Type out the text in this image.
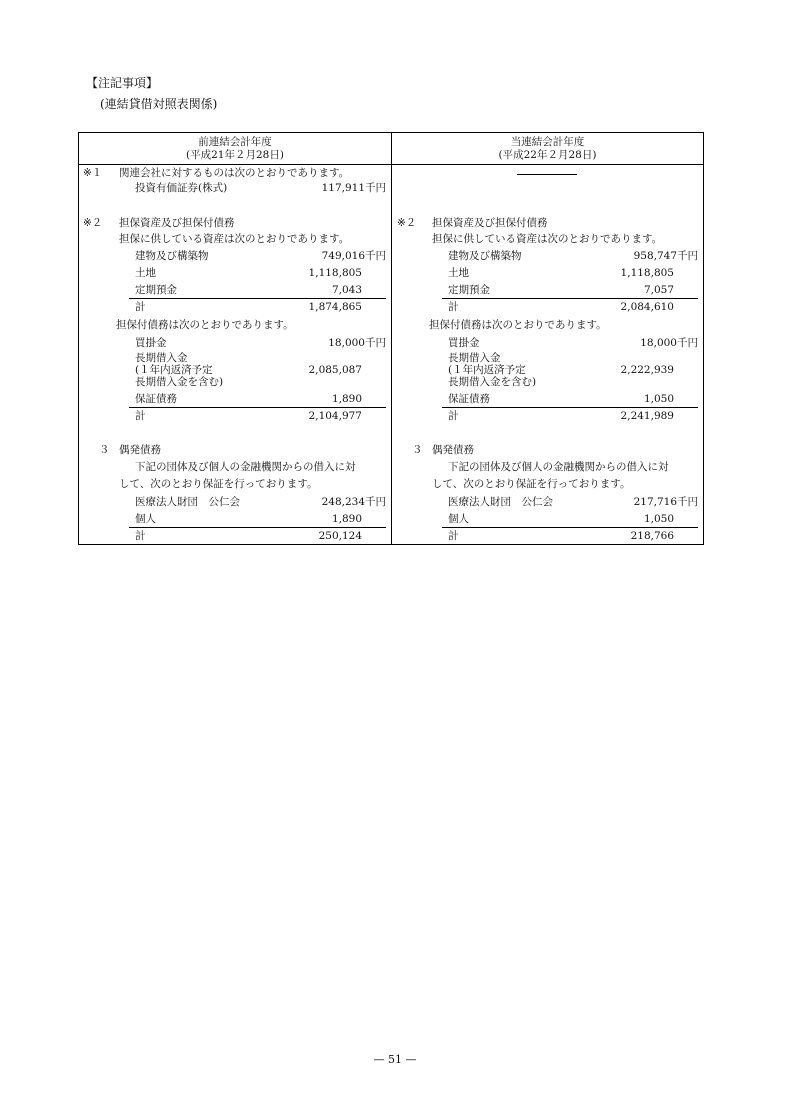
【注記事項】
(連結貸借対照表関係)
前連結会計年度
(平成21年２月28日)
※１ 関連会社に対するものは次のとおりであります。
投資有価証券(株式)	117,911千円
※２ 担保資産及び担保付債務
担保に供している資産は次のとおりであります。
建物及び構築物	749,016千円
土地	1,118,805
定期預金	7,043
計	1,874,865
担保付債務は次のとおりであります。
買掛金	18,000千円
長期借入金
(１年内返済予定	2,085,087
長期借入金を含む)
保証債務	1,890
計	2,104,977
３ 偶発債務
下記の団体及び個人の金融機関からの借入に対
して、次のとおり保証を行っております。
医療法人財団　公仁会	248,234千円
個人	1,890
計	250,124
当連結会計年度
(平成22年２月28日)
※２ 担保資産及び担保付債務
担保に供している資産は次のとおりであります。
建物及び構築物	958,747千円
土地	1,118,805
定期預金	7,057
計	2,084,610
担保付債務は次のとおりであります。
買掛金	18,000千円
長期借入金
(１年内返済予定	2,222,939
長期借入金を含む)
保証債務	1,050
計	2,241,989
３ 偶発債務
下記の団体及び個人の金融機関からの借入に対
して、次のとおり保証を行っております。
医療法人財団　公仁会	217,716千円
個人	1,050
計	218,766
— 51 —
